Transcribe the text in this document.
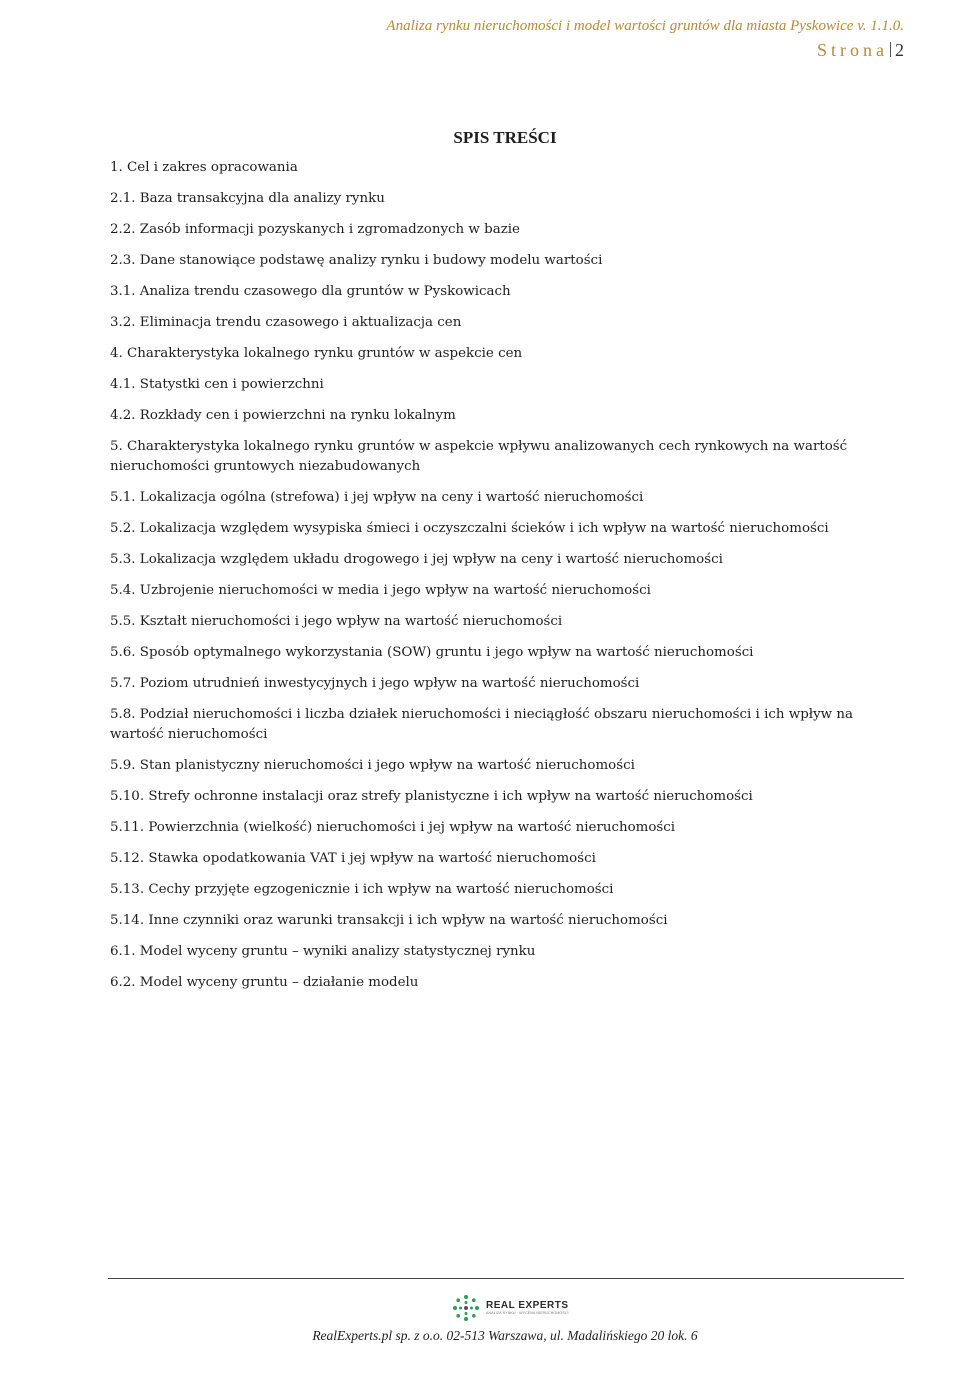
Analiza rynku nieruchomości i model wartości gruntów dla miasta Pyskowice v. 1.1.0.
Strona 2
SPIS TREŚCI
1. Cel i zakres opracowania
2.1. Baza transakcyjna dla analizy rynku
2.2. Zasób informacji pozyskanych i zgromadzonych w bazie
2.3. Dane stanowiące podstawę analizy rynku i budowy modelu wartości
3.1. Analiza trendu czasowego dla gruntów w Pyskowicach
3.2. Eliminacja trendu czasowego i aktualizacja cen
4. Charakterystyka lokalnego rynku gruntów w aspekcie cen
4.1. Statystki cen i powierzchni
4.2. Rozkłady cen i powierzchni na rynku lokalnym
5. Charakterystyka lokalnego rynku gruntów w aspekcie wpływu analizowanych cech rynkowych na wartość nieruchomości gruntowych niezabudowanych
5.1. Lokalizacja ogólna (strefowa) i jej wpływ na ceny i wartość nieruchomości
5.2. Lokalizacja względem wysypiska śmieci i oczyszczalni ścieków i ich wpływ na wartość nieruchomości
5.3. Lokalizacja względem układu drogowego i jej wpływ na ceny i wartość nieruchomości
5.4. Uzbrojenie nieruchomości w media i jego wpływ na wartość nieruchomości
5.5. Kształt nieruchomości i jego wpływ na wartość nieruchomości
5.6. Sposób optymalnego wykorzystania (SOW) gruntu i jego wpływ na wartość nieruchomości
5.7. Poziom utrudnień inwestycyjnych i jego wpływ na wartość nieruchomości
5.8. Podział nieruchomości i liczba działek nieruchomości i nieciągłość obszaru nieruchomości i ich wpływ na wartość nieruchomości
5.9. Stan planistyczny nieruchomości i jego wpływ na wartość nieruchomości
5.10. Strefy ochronne instalacji oraz strefy planistyczne i ich wpływ na wartość nieruchomości
5.11. Powierzchnia (wielkość) nieruchomości i jej wpływ na wartość nieruchomości
5.12. Stawka opodatkowania VAT i jej wpływ na wartość nieruchomości
5.13. Cechy przyjęte egzogenicznie i ich wpływ na wartość nieruchomości
5.14. Inne czynniki oraz warunki transakcji i ich wpływ na wartość nieruchomości
6.1. Model wyceny gruntu – wyniki analizy statystycznej rynku
6.2. Model wyceny gruntu – działanie modelu
REAL EXPERTS
ANALIZA RYNKU · WYCENA NIERUCHOMOŚCI
RealExperts.pl sp. z o.o. 02-513 Warszawa, ul. Madalińskiego 20 lok. 6
